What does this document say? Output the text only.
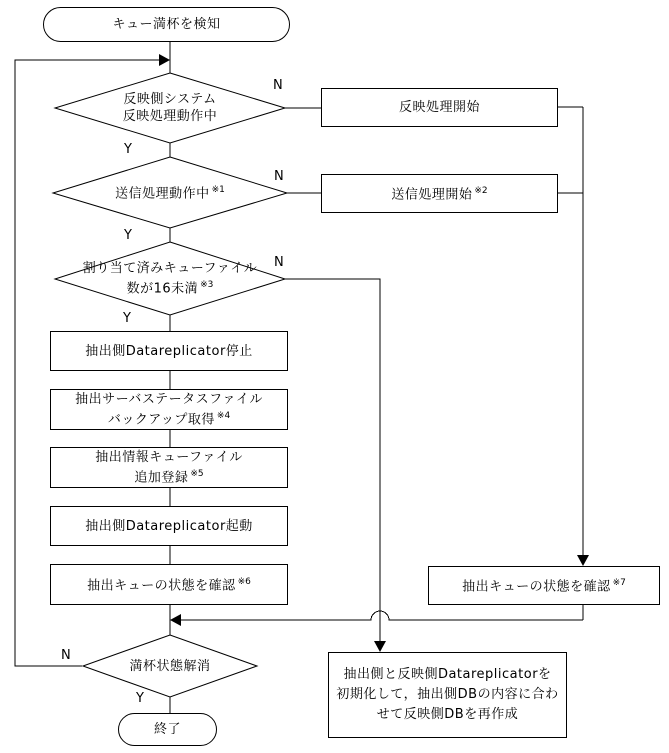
キュー満杯を検知
反映側システム
反映処理動作中
N
Y
反映処理開始
送信処理動作中 $^{※1}$
N
Y
送信処理開始 $^{※2}$
割り当て済みキューファイル
数が16未満 $^{※3}$
N
Y
抽出側Datareplicator停止
抽出サーバステータスファイル
バックアップ取得 $^{※4}$
抽出情報キューファイル
追加登録 $^{※5}$
抽出側Datareplicator起動
抽出キューの状態を確認 $^{※6}$	抽出キューの状態を確認 $^{※7}$
満杯状態解消
N
Y
抽出側と反映側Datareplicatorを
初期化して，抽出側DBの内容に合わ
せて反映側DBを再作成
終了
